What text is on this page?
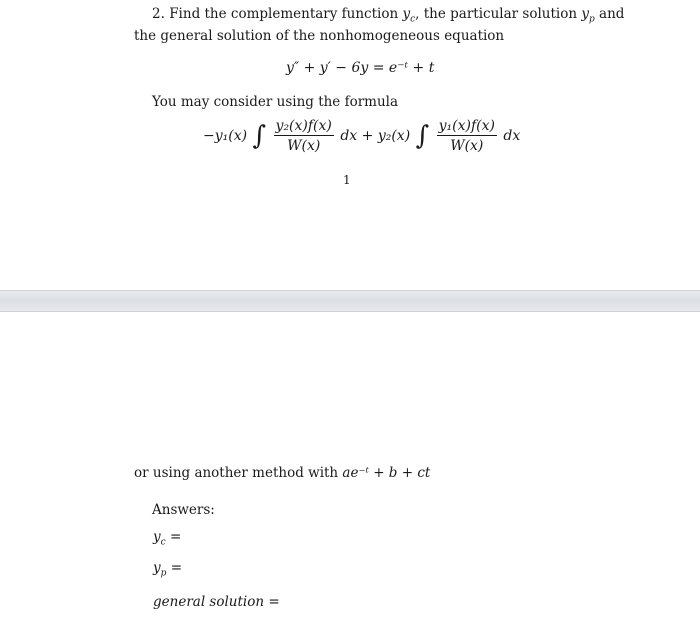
2. Find the complementary function $y_c$, the particular solution $y_p$ and
the general solution of the nonhomogeneous equation
y″ + y′ − 6y = e⁻ᵗ + t
You may consider using the formula
−y₁(x) ∫ $\frac{\text{y₂(x)f(x)}}{W(x)}$ dx + y₂(x) ∫ $\frac{\text{y₁(x)f(x)}}{W(x)}$ dx
1
or using another method with ae⁻ᵗ + b + ct
Answers:
$y_c$ =
$y_p$ =
general solution =
